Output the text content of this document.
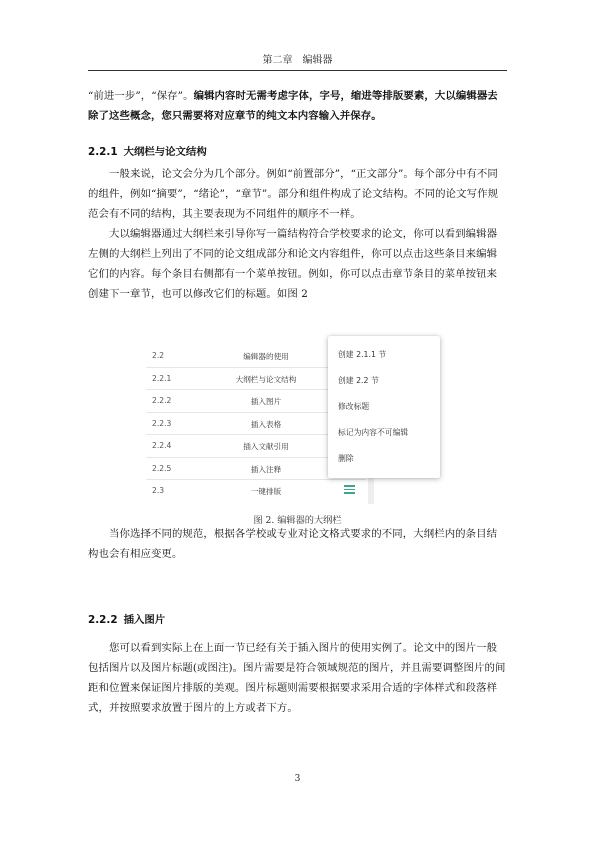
第二章 编辑器
“前进一步”，“保存”。编辑内容时无需考虑字体，字号，缩进等排版要素，大以编辑器去除了这些概念，您只需要将对应章节的纯文本内容输入并保存。
2.2.1 大纲栏与论文结构

一般来说，论文会分为几个部分。例如“前置部分”，“正文部分”。每个部分中有不同的组件，例如“摘要”，“绪论”，“章节”。部分和组件构成了论文结构。不同的论文写作规范会有不同的结构，其主要表现为不同组件的顺序不一样。

大以编辑器通过大纲栏来引导你写一篇结构符合学校要求的论文，你可以看到编辑器左侧的大纲栏上列出了不同的论文组成部分和论文内容组件，你可以点击这些条目来编辑它们的内容。每个条目右侧都有一个菜单按钮。例如，你可以点击章节条目的菜单按钮来创建下一章节，也可以修改它们的标题。如图 2

2.2	编辑器的使用
2.2.1	大纲栏与论文结构
2.2.2	插入图片
2.2.3	插入表格
2.2.4	插入文献引用
2.2.5	插入注释
2.3	一键排版
创建 2.1.1 节
创建 2.2 节
修改标题
标记为内容不可编辑
删除
图 2. 编辑器的大纲栏

当你选择不同的规范，根据各学校或专业对论文格式要求的不同，大纲栏内的条目结构也会有相应变更。

2.2.2 插入图片

您可以看到实际上在上面一节已经有关于插入图片的使用实例了。论文中的图片一般包括图片以及图片标题(或图注)。图片需要是符合领域规范的图片，并且需要调整图片的间距和位置来保证图片排版的美观。图片标题则需要根据要求采用合适的字体样式和段落样式，并按照要求放置于图片的上方或者下方。

3
